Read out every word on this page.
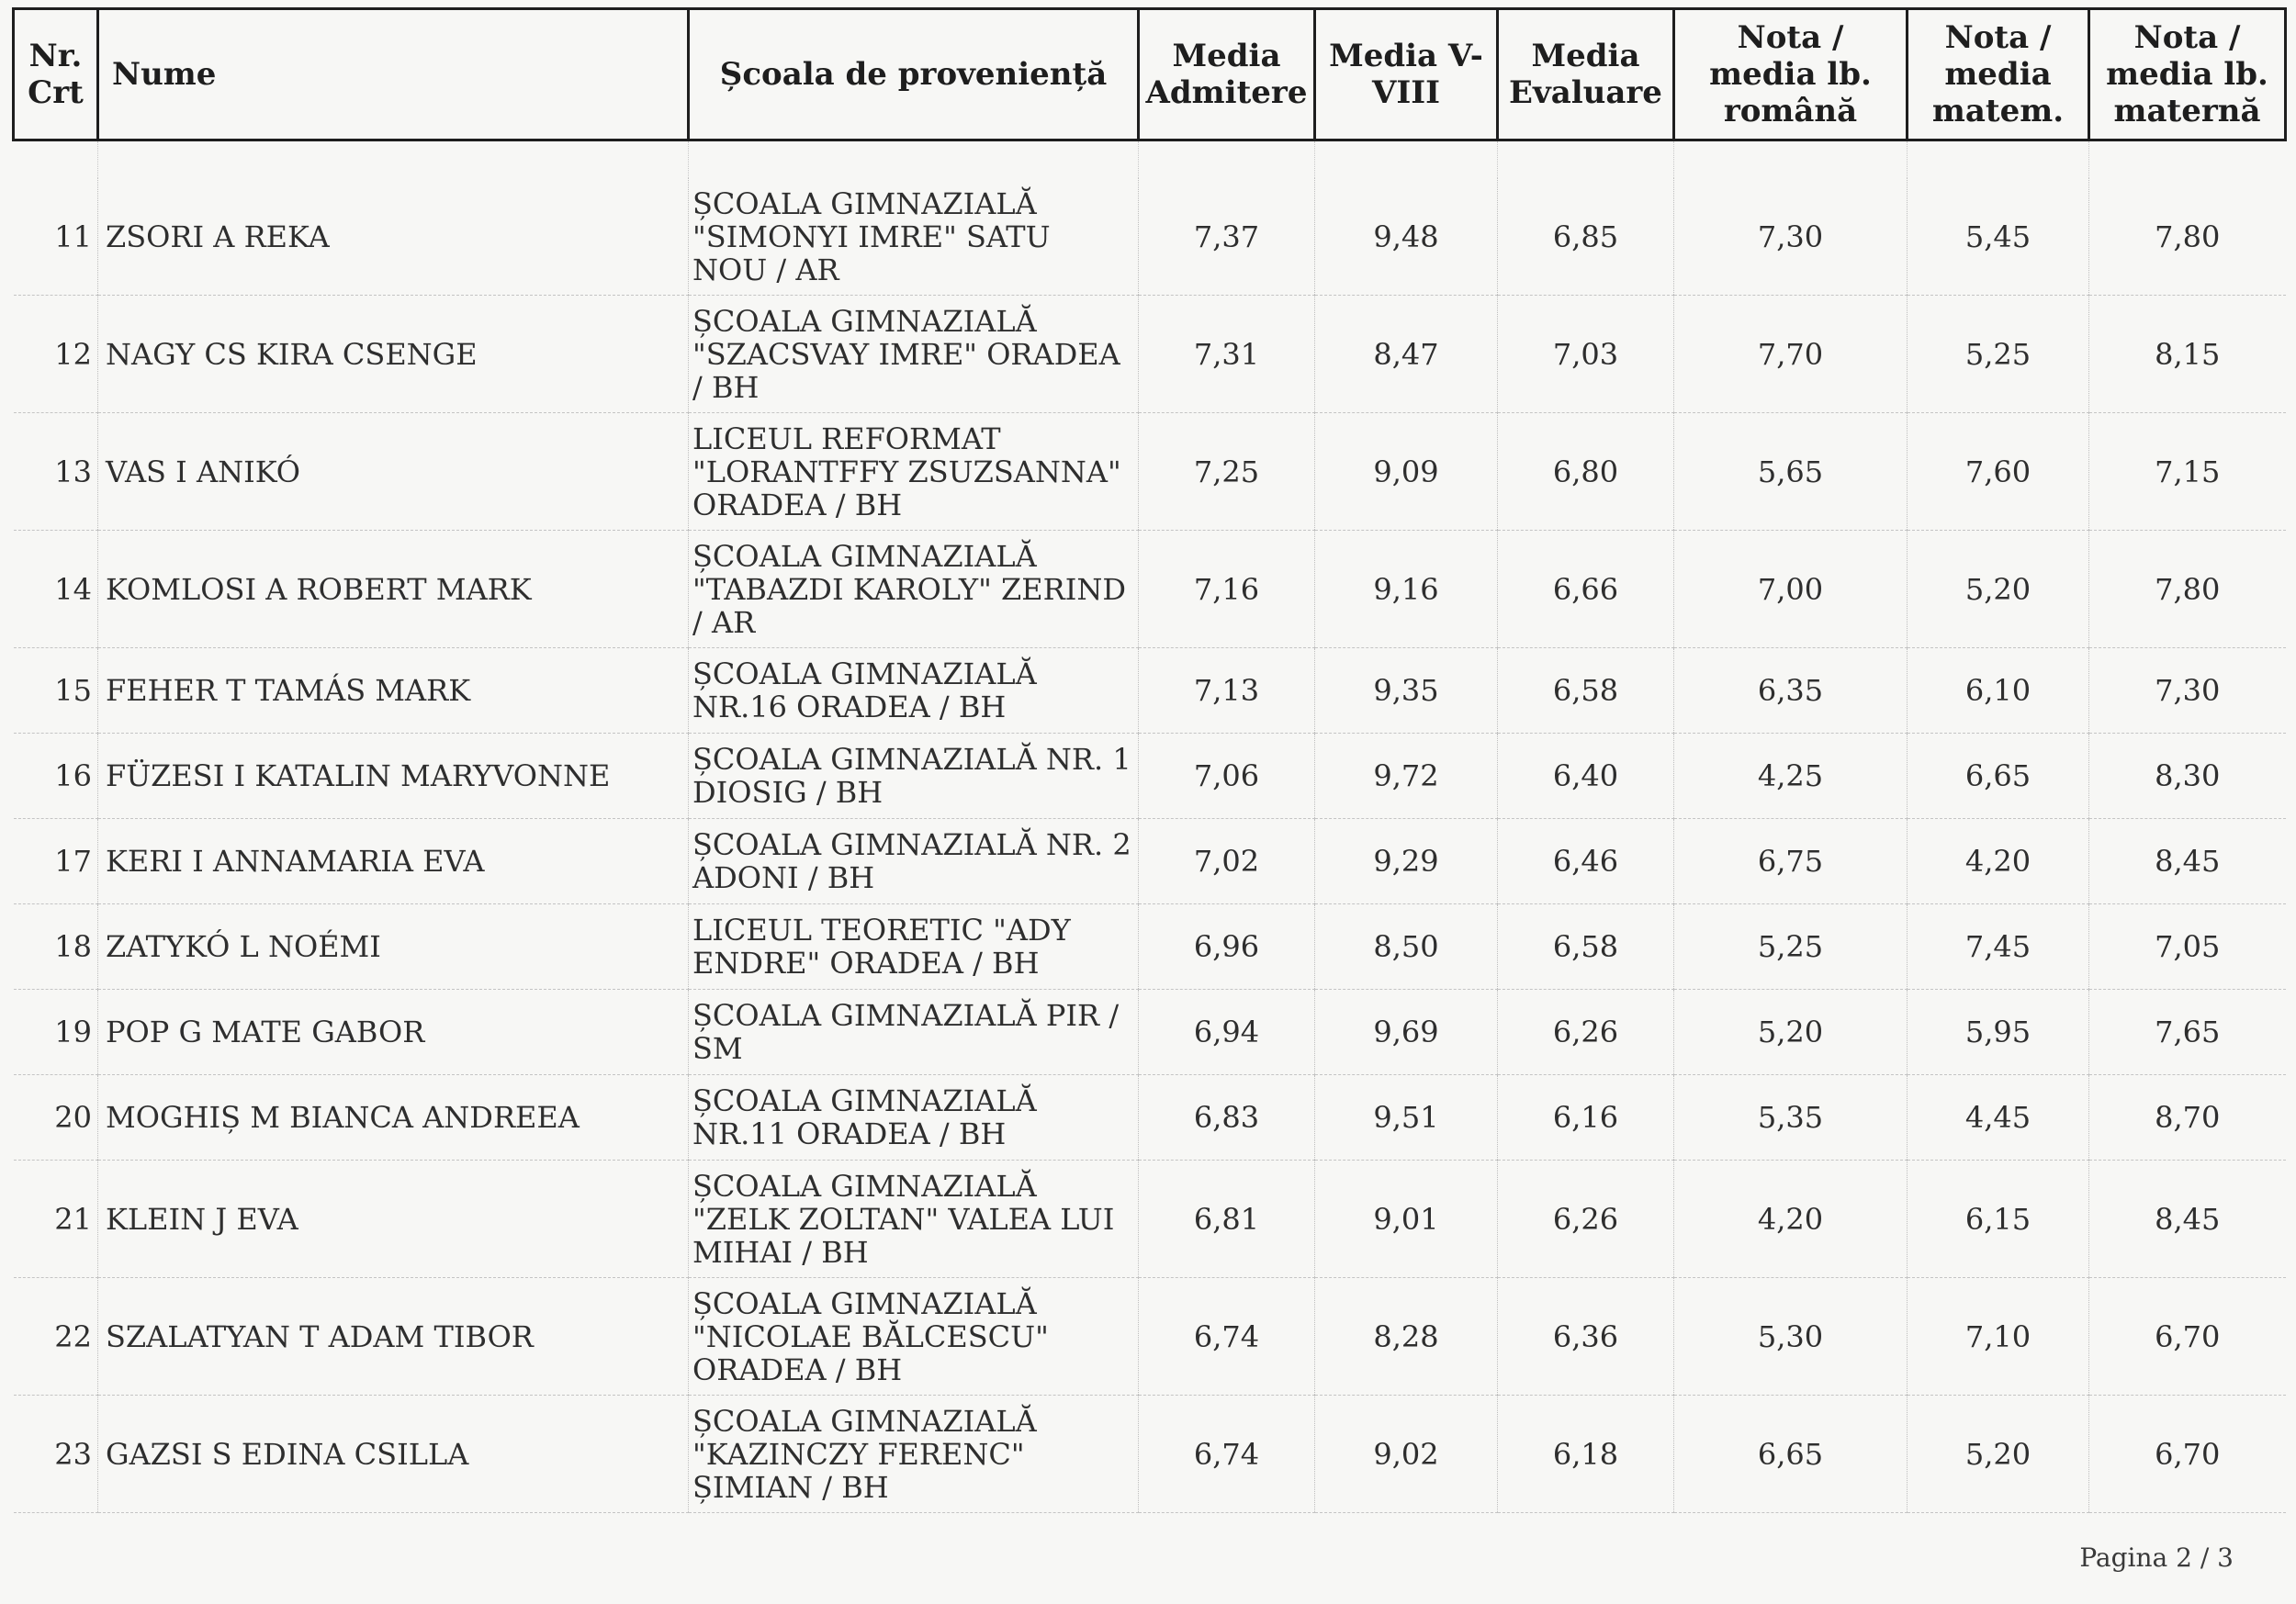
Nr. Crt	Nume	Școala de proveniență	Media Admitere	Media V-VIII	Media Evaluare	Nota / media lb. română	Nota / media matem.	Nota / media lb. maternă

11	ZSORI A REKA	ȘCOALA GIMNAZIALĂ "SIMONYI IMRE" SATU NOU / AR	7,37	9,48	6,85	7,30	5,45	7,80
12	NAGY CS KIRA CSENGE	ȘCOALA GIMNAZIALĂ "SZACSVAY IMRE" ORADEA / BH	7,31	8,47	7,03	7,70	5,25	8,15
13	VAS I ANIKÓ	LICEUL REFORMAT "LORANTFFY ZSUZSANNA" ORADEA / BH	7,25	9,09	6,80	5,65	7,60	7,15
14	KOMLOSI A ROBERT MARK	ȘCOALA GIMNAZIALĂ "TABAZDI KAROLY" ZERIND / AR	7,16	9,16	6,66	7,00	5,20	7,80
15	FEHER T TAMÁS MARK	ȘCOALA GIMNAZIALĂ NR.16 ORADEA / BH	7,13	9,35	6,58	6,35	6,10	7,30
16	FÜZESI I KATALIN MARYVONNE	ȘCOALA GIMNAZIALĂ NR. 1 DIOSIG / BH	7,06	9,72	6,40	4,25	6,65	8,30
17	KERI I ANNAMARIA EVA	ȘCOALA GIMNAZIALĂ NR. 2 ADONI / BH	7,02	9,29	6,46	6,75	4,20	8,45
18	ZATYKÓ L NOÉMI	LICEUL TEORETIC "ADY ENDRE" ORADEA / BH	6,96	8,50	6,58	5,25	7,45	7,05
19	POP G MATE GABOR	ȘCOALA GIMNAZIALĂ PIR / SM	6,94	9,69	6,26	5,20	5,95	7,65
20	MOGHIȘ M BIANCA ANDREEA	ȘCOALA GIMNAZIALĂ NR.11 ORADEA / BH	6,83	9,51	6,16	5,35	4,45	8,70
21	KLEIN J EVA	ȘCOALA GIMNAZIALĂ "ZELK ZOLTAN" VALEA LUI MIHAI / BH	6,81	9,01	6,26	4,20	6,15	8,45
22	SZALATYAN T ADAM TIBOR	ȘCOALA GIMNAZIALĂ "NICOLAE BĂLCESCU" ORADEA / BH	6,74	8,28	6,36	5,30	7,10	6,70
23	GAZSI S EDINA CSILLA	ȘCOALA GIMNAZIALĂ "KAZINCZY FERENC" ȘIMIAN / BH	6,74	9,02	6,18	6,65	5,20	6,70
Pagina 2 / 3
